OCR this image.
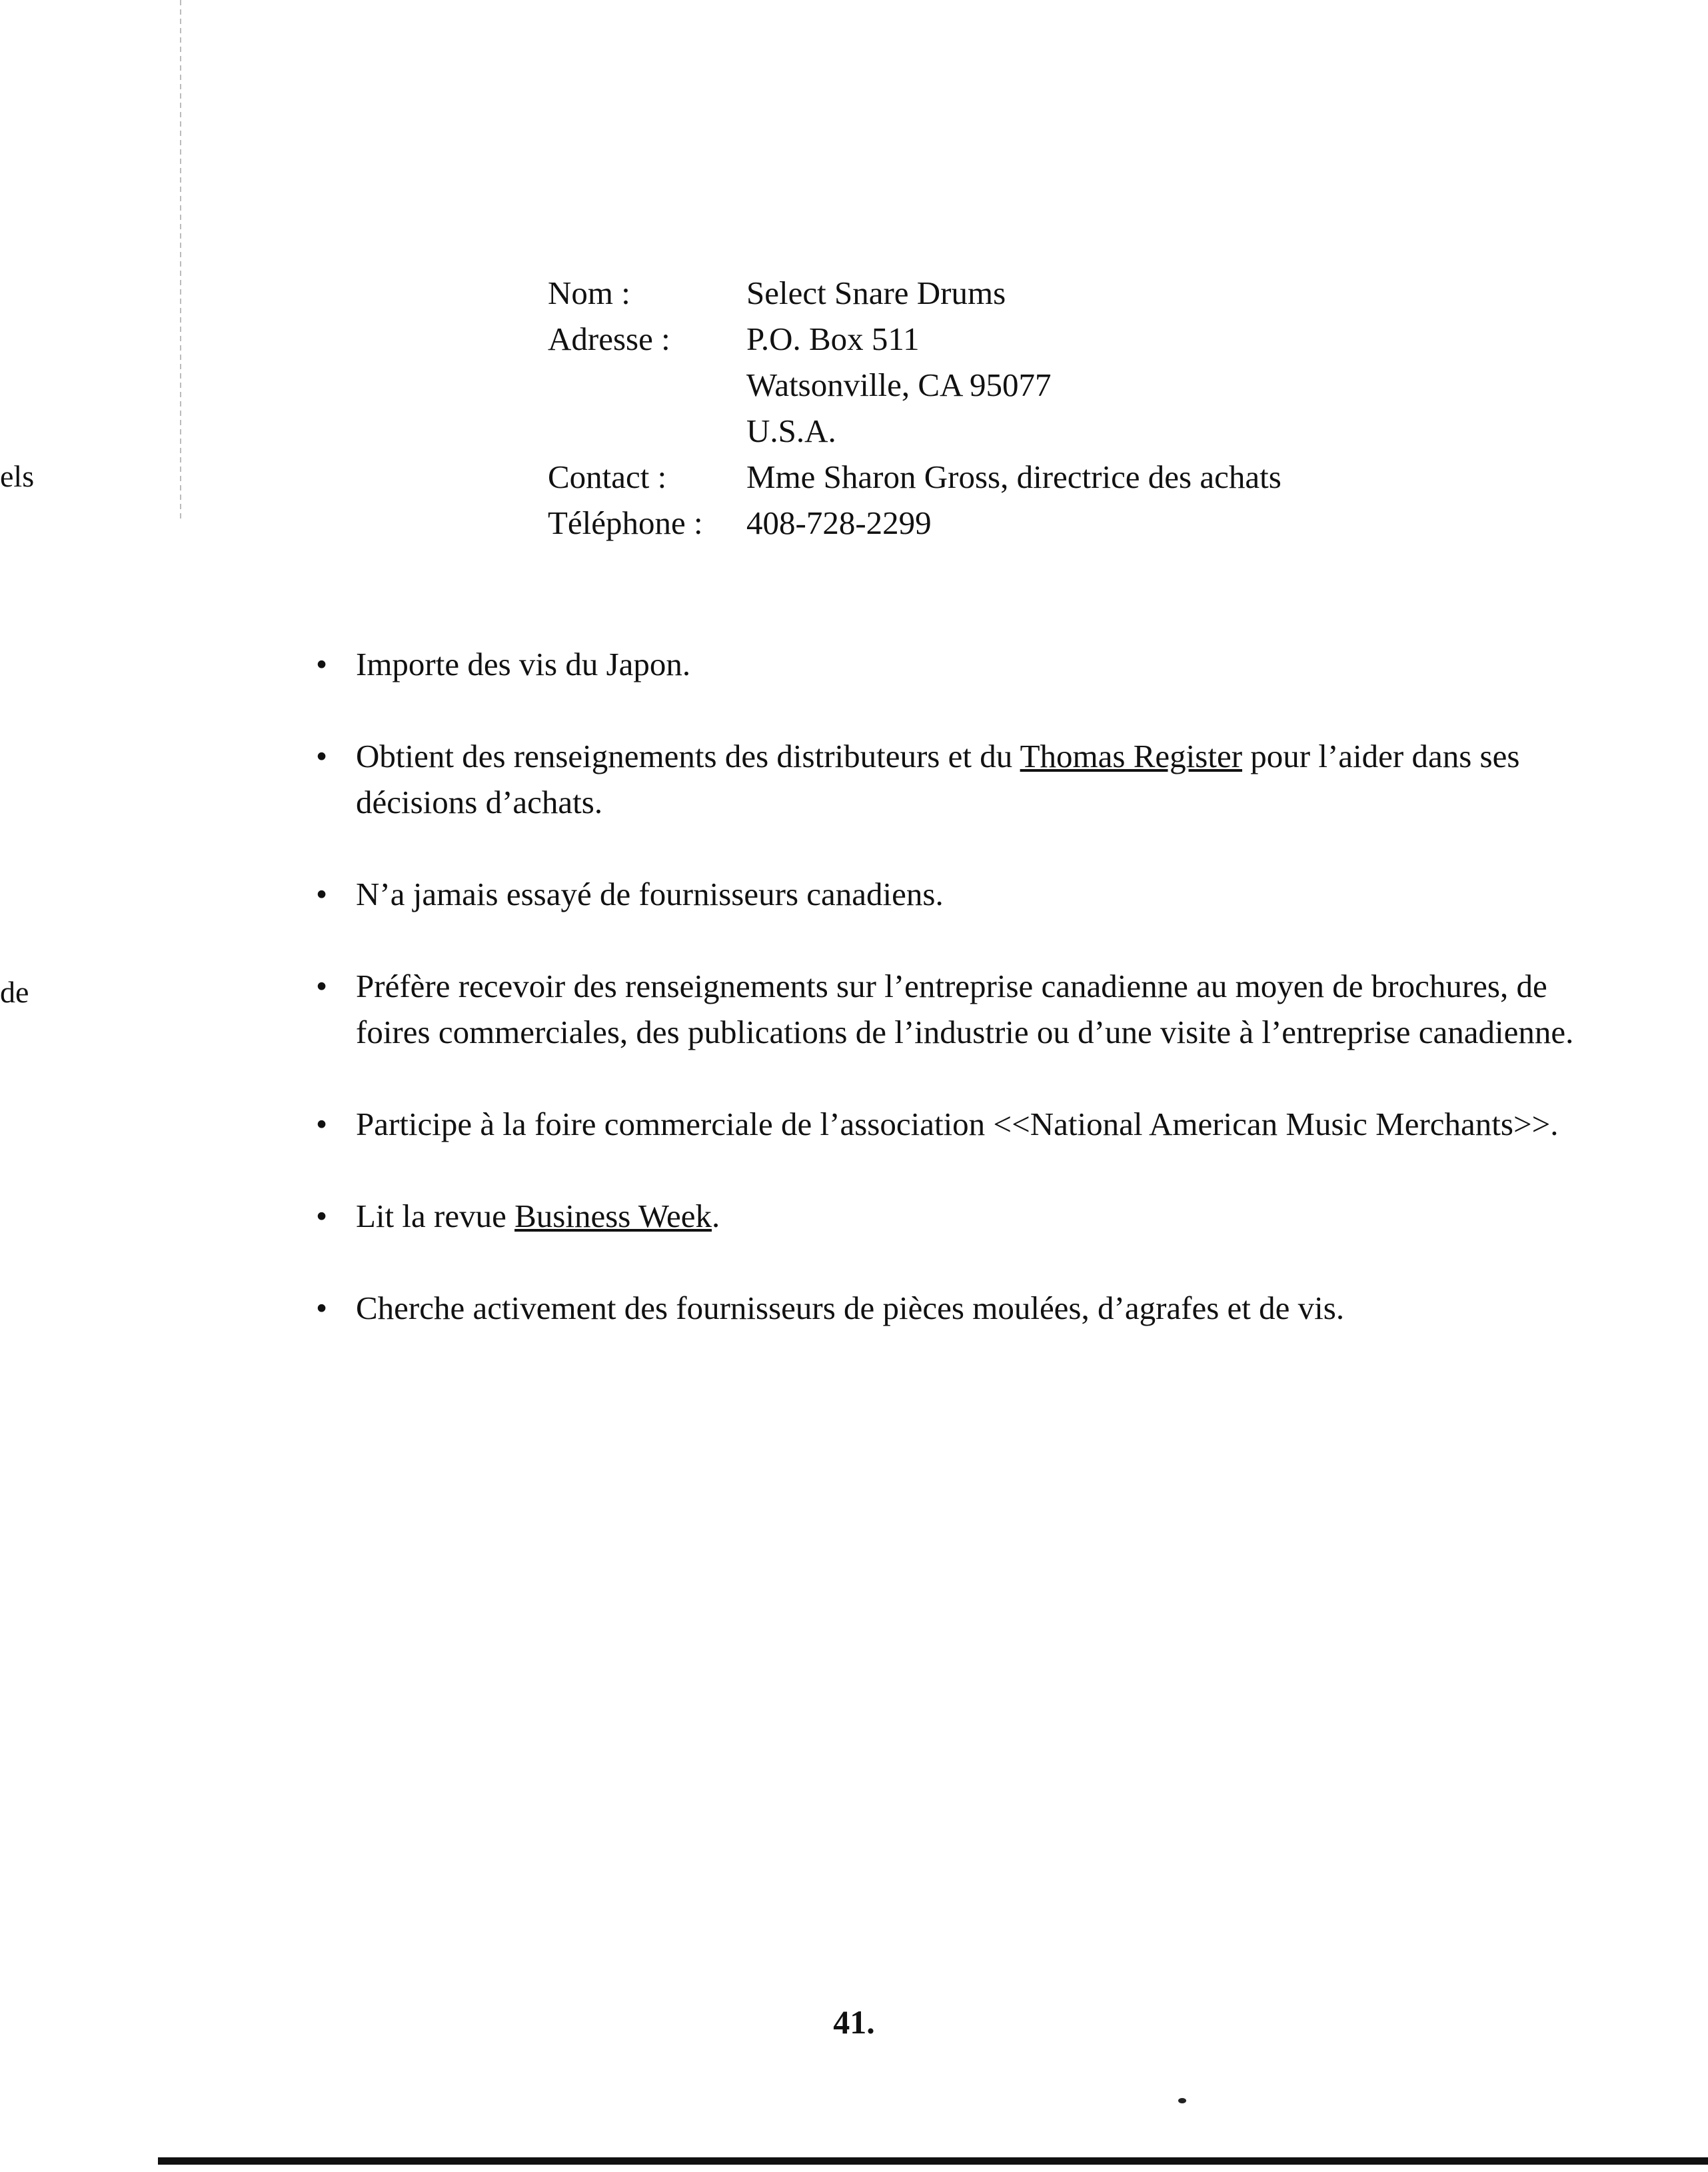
els
de
Nom :	Select Snare Drums
Adresse :	P.O. Box 511
Watsonville, CA 95077
U.S.A.
Contact :	Mme Sharon Gross, directrice des achats
Téléphone :	408-728-2299
• Importe des vis du Japon.
• Obtient des renseignements des distributeurs et du Thomas Register pour l’aider dans ses décisions d’achats.
• N’a jamais essayé de fournisseurs canadiens.
• Préfère recevoir des renseignements sur l’entreprise canadienne au moyen de brochures, de foires commerciales, des publications de l’industrie ou d’une visite à l’entreprise canadienne.
• Participe à la foire commerciale de l’association <<National American Music Merchants>>.
• Lit la revue Business Week.
• Cherche activement des fournisseurs de pièces moulées, d’agrafes et de vis.
41.
